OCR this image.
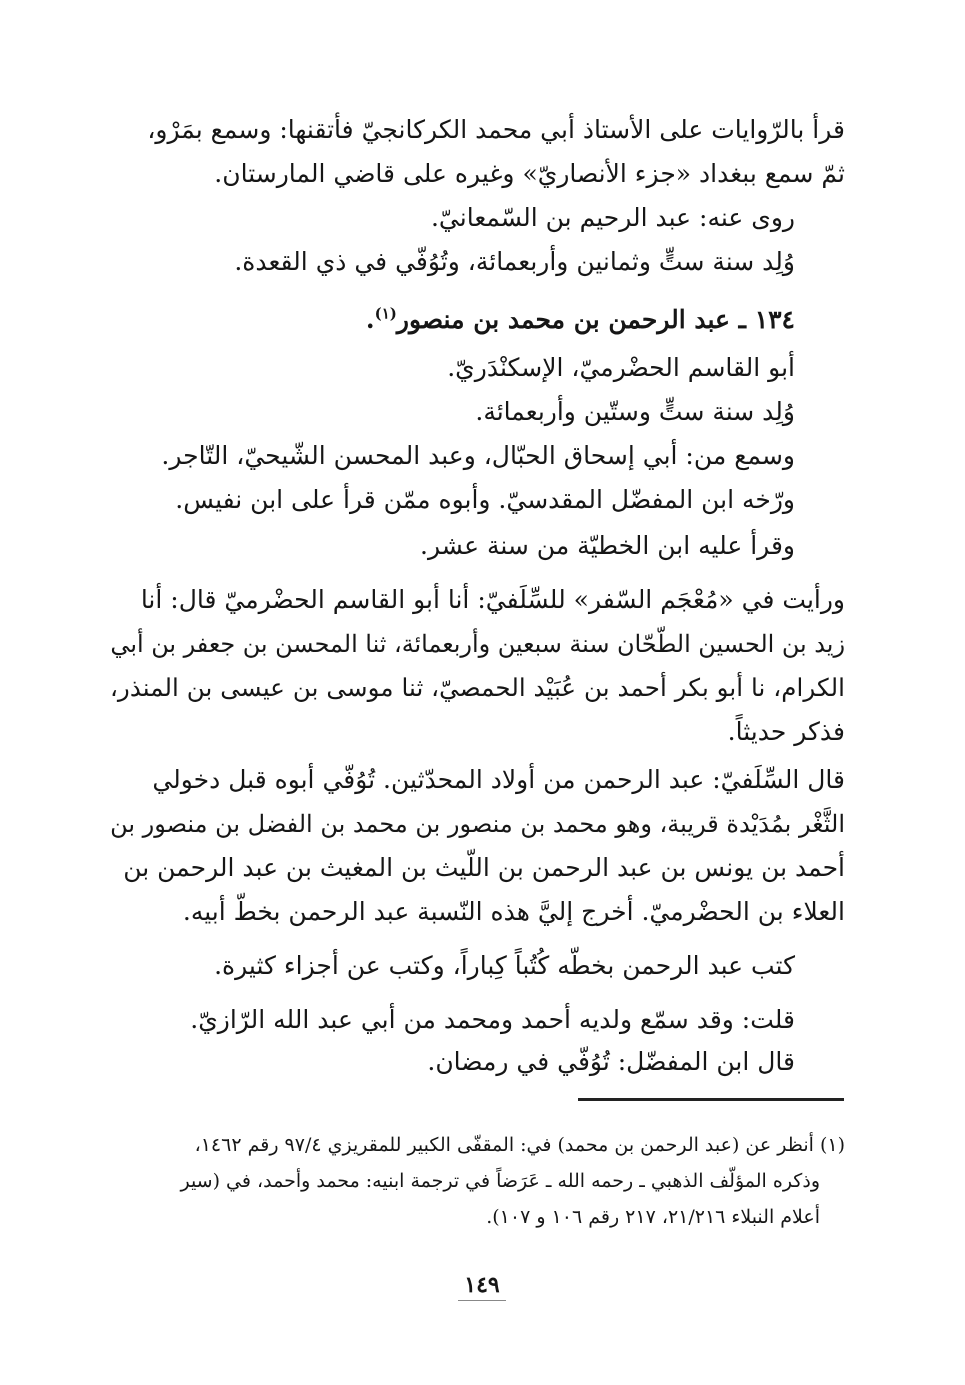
قرأ بالرّوايات على الأستاذ أبي محمد الكركانجيّ فأتقنها: وسمع بمَرْو،
ثمّ سمع ببغداد «جزء الأنصاريّ» وغيره على قاضي المارستان.
روى عنه: عبد الرحيم بن السّمعانيّ.
وُلِد سنة ستٍّ وثمانين وأربعمائة، وتُوُفّي في ذي القعدة.
١٣٤ ـ عبد الرحمن بن محمد بن منصور$^{(١)}$.
أبو القاسم الحضْرميّ، الإسكنْدَريّ.
وُلِد سنة ستٍّ وستّين وأربعمائة.
وسمع من: أبي إسحاق الحبّال، وعبد المحسن الشّيحيّ، التّاجر.
ورّخه ابن المفضّل المقدسيّ. وأبوه ممّن قرأ على ابن نفيس.
وقرأ عليه ابن الخطيّة من سنة عشر.
ورأيت في «مُعْجَم السّفر» للسِّلَفيّ: أنا أبو القاسم الحضْرميّ قال: أنا
زيد بن الحسين الطّحّان سنة سبعين وأربعمائة، ثنا المحسن بن جعفر بن أبي
الكرام، نا أبو بكر أحمد بن عُبَيْد الحمصيّ، ثنا موسى بن عيسى بن المنذر،
فذكر حديثاً.
قال السِّلَفيّ: عبد الرحمن من أولاد المحدّثين. تُوُفّي أبوه قبل دخولي
الثَّغْر بمُدَيْدة قريبة، وهو محمد بن منصور بن محمد بن الفضل بن منصور بن
أحمد بن يونس بن عبد الرحمن بن اللّيث بن المغيث بن عبد الرحمن بن
العلاء بن الحضْرميّ. أخرج إليَّ هذه النّسبة عبد الرحمن بخطّ أبيه.
كتب عبد الرحمن بخطّه كُتُباً كِباراً، وكتب عن أجزاء كثيرة.
قلت: وقد سمّع ولديه أحمد ومحمد من أبي عبد الله الرّازيّ.
قال ابن المفضّل: تُوُفّي في رمضان.
(١) أنظر عن (عبد الرحمن بن محمد) في: المقفّى الكبير للمقريزي ٩٧/٤ رقم ١٤٦٢،
وذكره المؤلّف الذهبي ـ رحمه الله ـ عَرَضاً في ترجمة ابنيه: محمد وأحمد، في (سير
أعلام النبلاء ٢١/٢١٦، ٢١٧ رقم ١٠٦ و ١٠٧).
١٤٩
